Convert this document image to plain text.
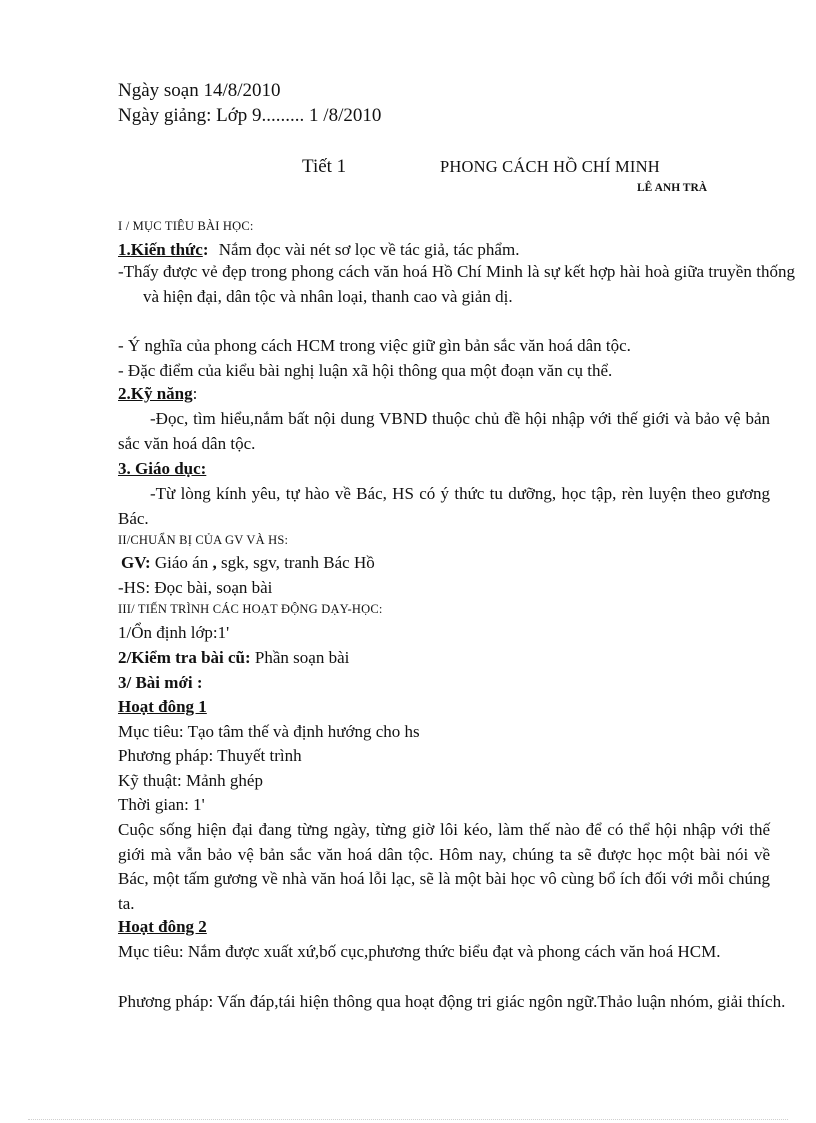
Ngày soạn 14/8/2010
Ngày giảng: Lớp 9......... 1 /8/2010
Tiết 1	PHONG CÁCH HỒ CHÍ MINH
LÊ ANH TRÀ
I / MỤC TIÊU BÀI HỌC:
1.Kiến thức: Nắm đọc vài nét sơ lọc về tác giả, tác phẩm.
-Thấy được vẻ đẹp trong phong cách văn hoá Hồ Chí Minh là sự kết hợp hài hoà giữa truyền thống và hiện đại, dân tộc và nhân loại, thanh cao và giản dị.
- Ý nghĩa của phong cách HCM trong việc giữ gìn bản sắc văn hoá dân tộc.
- Đặc điểm của kiểu bài nghị luận xã hội thông qua một đoạn văn cụ thể.
2.Kỹ năng:
-Đọc, tìm hiểu,nắm bất nội dung VBND thuộc chủ đề hội nhập với thế giới và bảo vệ bản sắc văn hoá dân tộc.
3. Giáo dục:
-Từ lòng kính yêu, tự hào về Bác, HS có ý thức tu dưỡng, học tập, rèn luyện theo gương Bác.
II/CHUẨN BỊ CỦA GV VÀ HS:
GV: Giáo án , sgk, sgv, tranh Bác Hồ
-HS: Đọc bài, soạn bài
III/ TIẾN TRÌNH CÁC HOẠT ĐỘNG DẠY-HỌC:
1/Ổn định lớp:1'
2/Kiểm tra bài cũ: Phần soạn bài
3/ Bài mới :
Hoạt đông 1
Mục tiêu: Tạo tâm thế và định hướng cho hs
Phương pháp: Thuyết trình
Kỹ thuật: Mảnh ghép
Thời gian: 1'
Cuộc sống hiện đại đang từng ngày, từng giờ lôi kéo, làm thế nào để có thể hội nhập với thế giới mà vẫn bảo vệ bản sắc văn hoá dân tộc. Hôm nay, chúng ta sẽ được học một bài nói về Bác, một tấm gương về nhà văn hoá lỗi lạc, sẽ là một bài học vô cùng bổ ích đối với mỗi chúng ta.
Hoạt đông 2
Mục tiêu: Nắm được xuất xứ,bố cục,phương thức biểu đạt và phong cách văn hoá HCM.
Phương pháp: Vấn đáp,tái hiện thông qua hoạt động tri giác ngôn ngữ.Thảo luận nhóm, giải thích.
